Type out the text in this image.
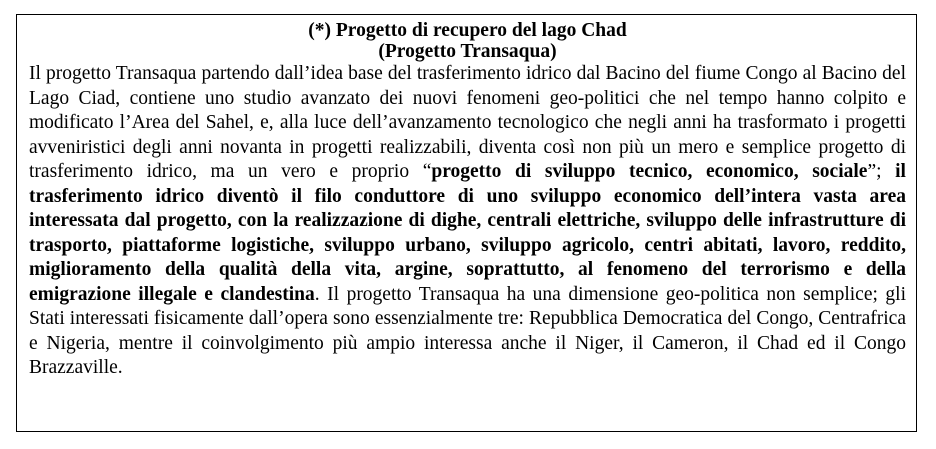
(*) Progetto di recupero del lago Chad
(Progetto Transaqua)

Il progetto Transaqua partendo dall’idea base del trasferimento idrico dal Bacino del fiume Congo al Bacino del Lago Ciad, contiene uno studio avanzato dei nuovi fenomeni geo-politici che nel tempo hanno colpito e modificato l’Area del Sahel, e, alla luce dell’avanzamento tecnologico che negli anni ha trasformato i progetti avveniristici degli anni novanta in progetti realizzabili, diventa così non più un mero e semplice progetto di trasferimento idrico, ma un vero e proprio “progetto di sviluppo tecnico, economico, sociale”; il trasferimento idrico diventò il filo conduttore di uno sviluppo economico dell’intera vasta area interessata dal progetto, con la realizzazione di dighe, centrali elettriche, sviluppo delle infrastrutture di trasporto, piattaforme logistiche, sviluppo urbano, sviluppo agricolo, centri abitati, lavoro, reddito, miglioramento della qualità della vita, argine, soprattutto, al fenomeno del terrorismo e della emigrazione illegale e clandestina. Il progetto Transaqua ha una dimensione geo-politica non semplice; gli Stati interessati fisicamente dall’opera sono essenzialmente tre: Repubblica Democratica del Congo, Centrafrica e Nigeria, mentre il coinvolgimento più ampio interessa anche il Niger, il Cameron, il Chad ed il Congo Brazzaville.
